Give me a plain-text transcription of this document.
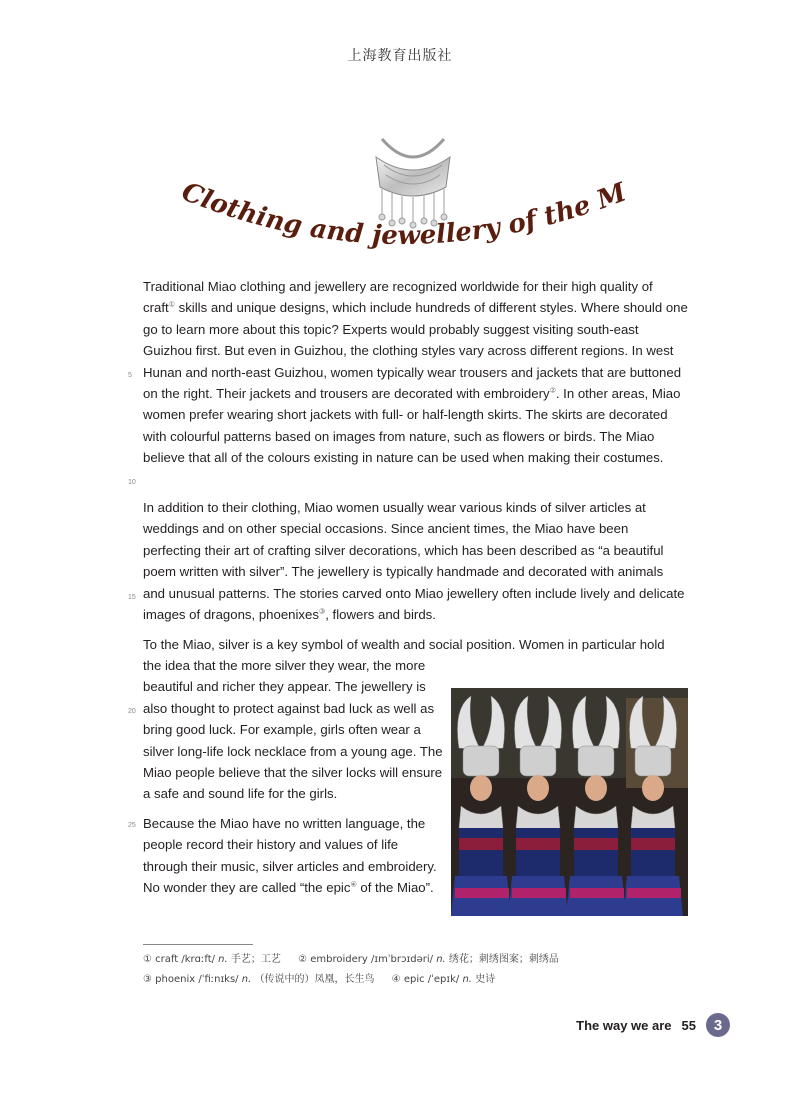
上海教育出版社
Clothing and jewellery of the Miao people
5
10
15
20
25

Traditional Miao clothing and jewellery are recognized worldwide for their high quality of craft① skills and unique designs, which include hundreds of different styles. Where should one go to learn more about this topic? Experts would probably suggest visiting south-east Guizhou first. But even in Guizhou, the clothing styles vary across different regions. In west Hunan and north-east Guizhou, women typically wear trousers and jackets that are buttoned on the right. Their jackets and trousers are decorated with embroidery②. In other areas, Miao women prefer wearing short jackets with full- or half-length skirts. The skirts are decorated with colourful patterns based on images from nature, such as flowers or birds. The Miao believe that all of the colours existing in nature can be used when making their costumes.

In addition to their clothing, Miao women usually wear various kinds of silver articles at weddings and on other special occasions. Since ancient times, the Miao have been perfecting their art of crafting silver decorations, which has been described as “a beautiful poem written with silver”. The jewellery is typically handmade and decorated with animals and unusual patterns. The stories carved onto Miao jewellery often include lively and delicate images of dragons, phoenixes③, flowers and birds.

To the Miao, silver is a key symbol of wealth and social position. Women in particular hold
the idea that the more silver they wear, the more beautiful and richer they appear. The jewellery is also thought to protect against bad luck as well as bring good luck. For example, girls often wear a silver long-life lock necklace from a young age. The Miao people believe that the silver locks will ensure a safe and sound life for the girls.
Because the Miao have no written language, the people record their history and values of life through their music, silver articles and embroidery. No wonder they are called “the epic④ of the Miao”.
① craft /krɑːft/ n. 手艺；工艺 ② embroidery /ɪmˈbrɔɪdəri/ n. 绣花；刺绣图案；刺绣品
③ phoenix /ˈfiːnɪks/ n. （传说中的）凤凰，长生鸟 ④ epic /ˈepɪk/ n. 史诗
The way we are 55	3
